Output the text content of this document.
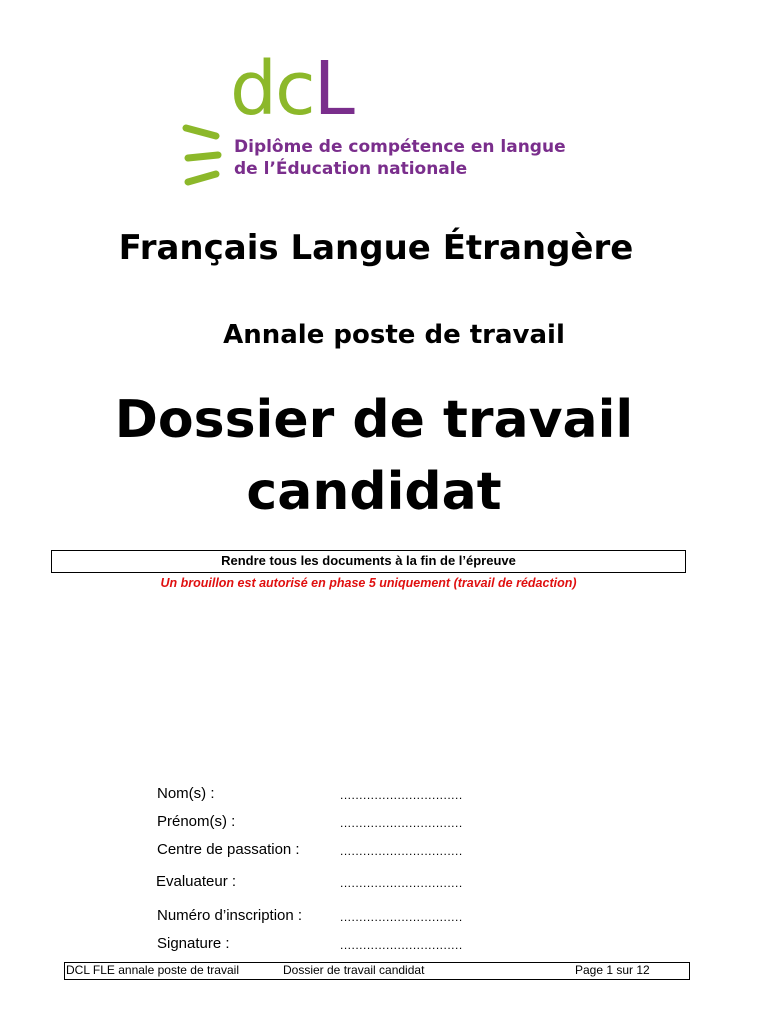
dcL
Diplôme de compétence en langue
de l’Éducation nationale
Français Langue Étrangère
Annale poste de travail
Dossier de travail
candidat
Rendre tous les documents à la fin de l’épreuve
Un brouillon est autorisé en phase 5 uniquement (travail de rédaction)
Nom(s) :	................................
Prénom(s) :	................................
Centre de passation :	................................
Evaluateur :	................................
Numéro d’inscription :	................................
Signature :	................................
DCL FLE annale poste de travail	Dossier de travail candidat	Page 1 sur 12
